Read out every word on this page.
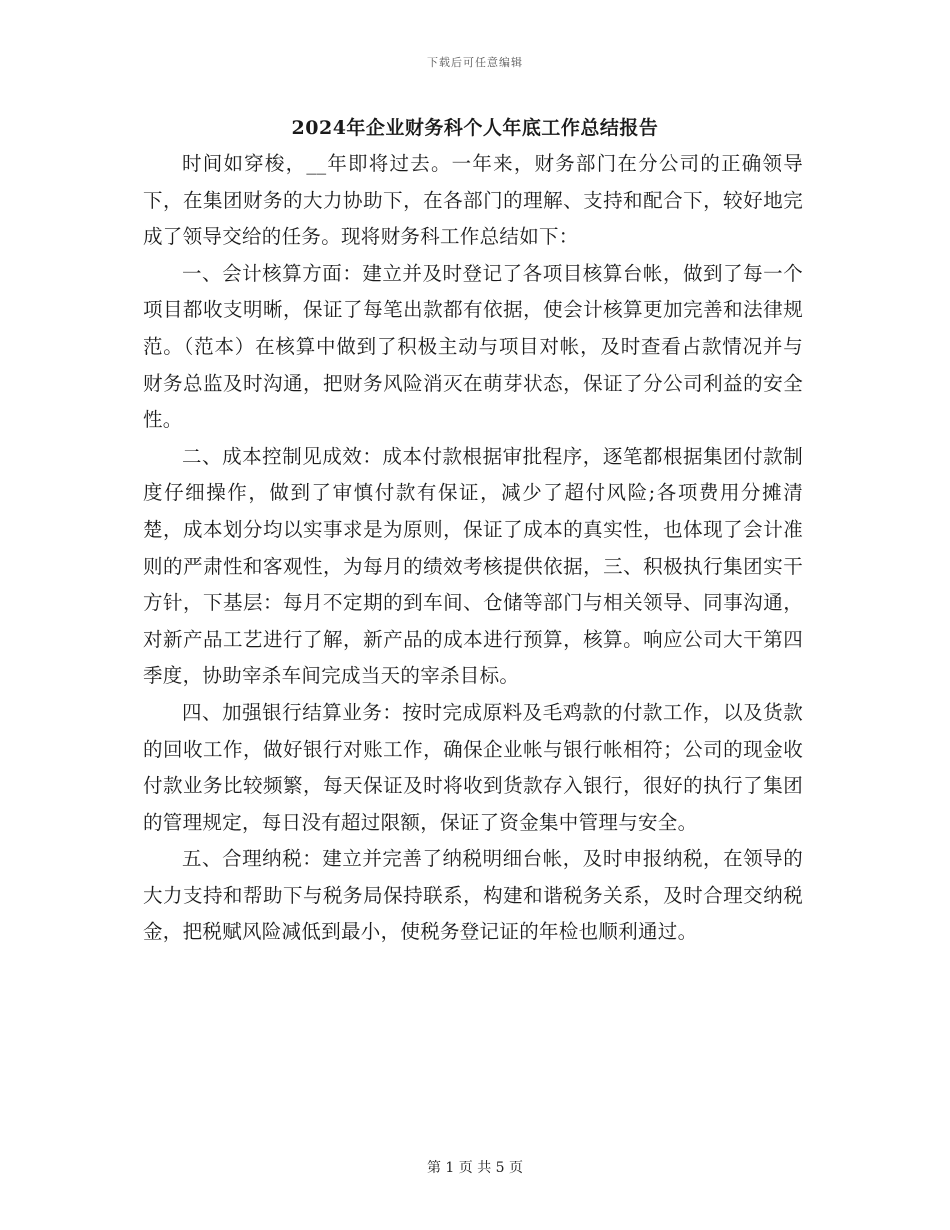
下载后可任意编辑
2024年企业财务科个人年底工作总结报告

时间如穿梭，__年即将过去。一年来，财务部门在分公司的正确领导下，在集团财务的大力协助下，在各部门的理解、支持和配合下，较好地完成了领导交给的任务。现将财务科工作总结如下：

一、会计核算方面：建立并及时登记了各项目核算台帐，做到了每一个项目都收支明晰，保证了每笔出款都有依据，使会计核算更加完善和法律规范。（范本）在核算中做到了积极主动与项目对帐，及时查看占款情况并与财务总监及时沟通，把财务风险消灭在萌芽状态，保证了分公司利益的安全性。

二、成本控制见成效：成本付款根据审批程序，逐笔都根据集团付款制度仔细操作，做到了审慎付款有保证，减少了超付风险;各项费用分摊清楚，成本划分均以实事求是为原则，保证了成本的真实性，也体现了会计准则的严肃性和客观性，为每月的绩效考核提供依据，三、积极执行集团实干方针，下基层：每月不定期的到车间、仓储等部门与相关领导、同事沟通，对新产品工艺进行了解，新产品的成本进行预算，核算。响应公司大干第四季度，协助宰杀车间完成当天的宰杀目标。

四、加强银行结算业务：按时完成原料及毛鸡款的付款工作，以及货款的回收工作，做好银行对账工作，确保企业帐与银行帐相符；公司的现金收付款业务比较频繁，每天保证及时将收到货款存入银行，很好的执行了集团的管理规定，每日没有超过限额，保证了资金集中管理与安全。

五、合理纳税：建立并完善了纳税明细台帐，及时申报纳税，在领导的大力支持和帮助下与税务局保持联系，构建和谐税务关系，及时合理交纳税金，把税赋风险减低到最小，使税务登记证的年检也顺利通过。

第 1 页 共 5 页
